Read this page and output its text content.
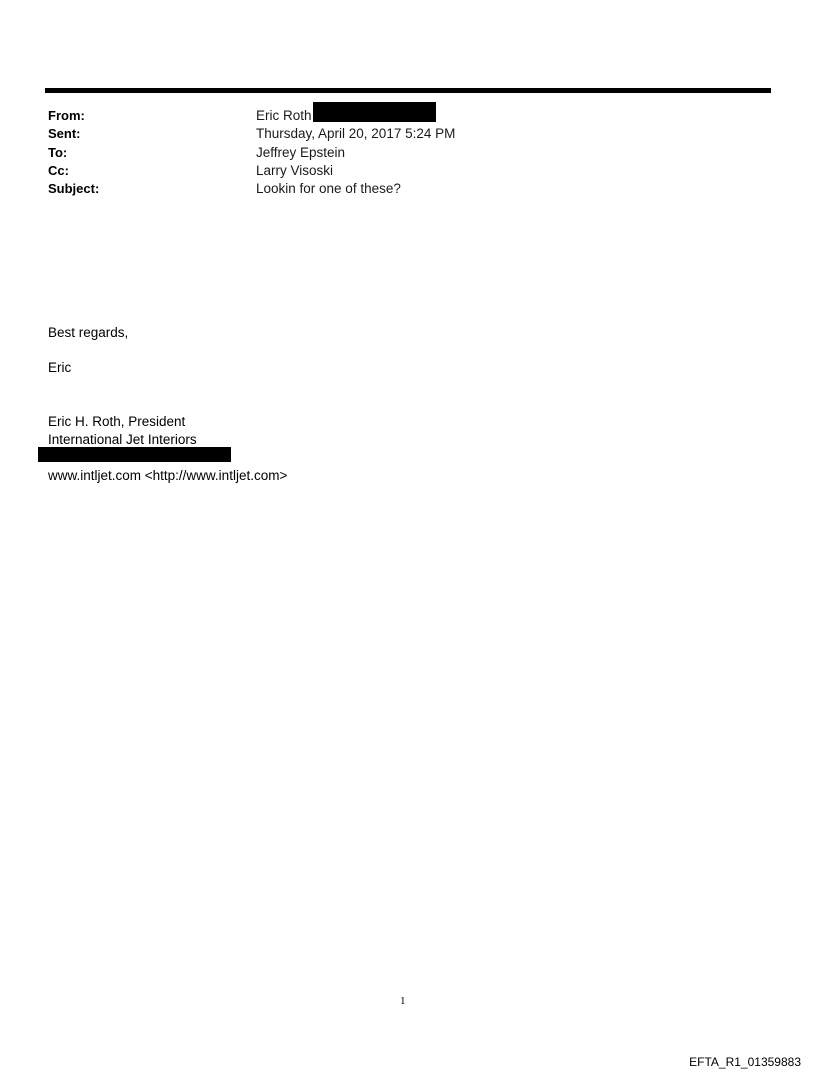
From:	Eric Roth
Sent:	Thursday, April 20, 2017 5:24 PM
To:	Jeffrey Epstein
Cc:	Larry Visoski
Subject:	Lookin for one of these?
Best regards,
Eric
Eric H. Roth, President
International Jet Interiors
www.intljet.com <http://www.intljet.com>
1
EFTA_R1_01359883
